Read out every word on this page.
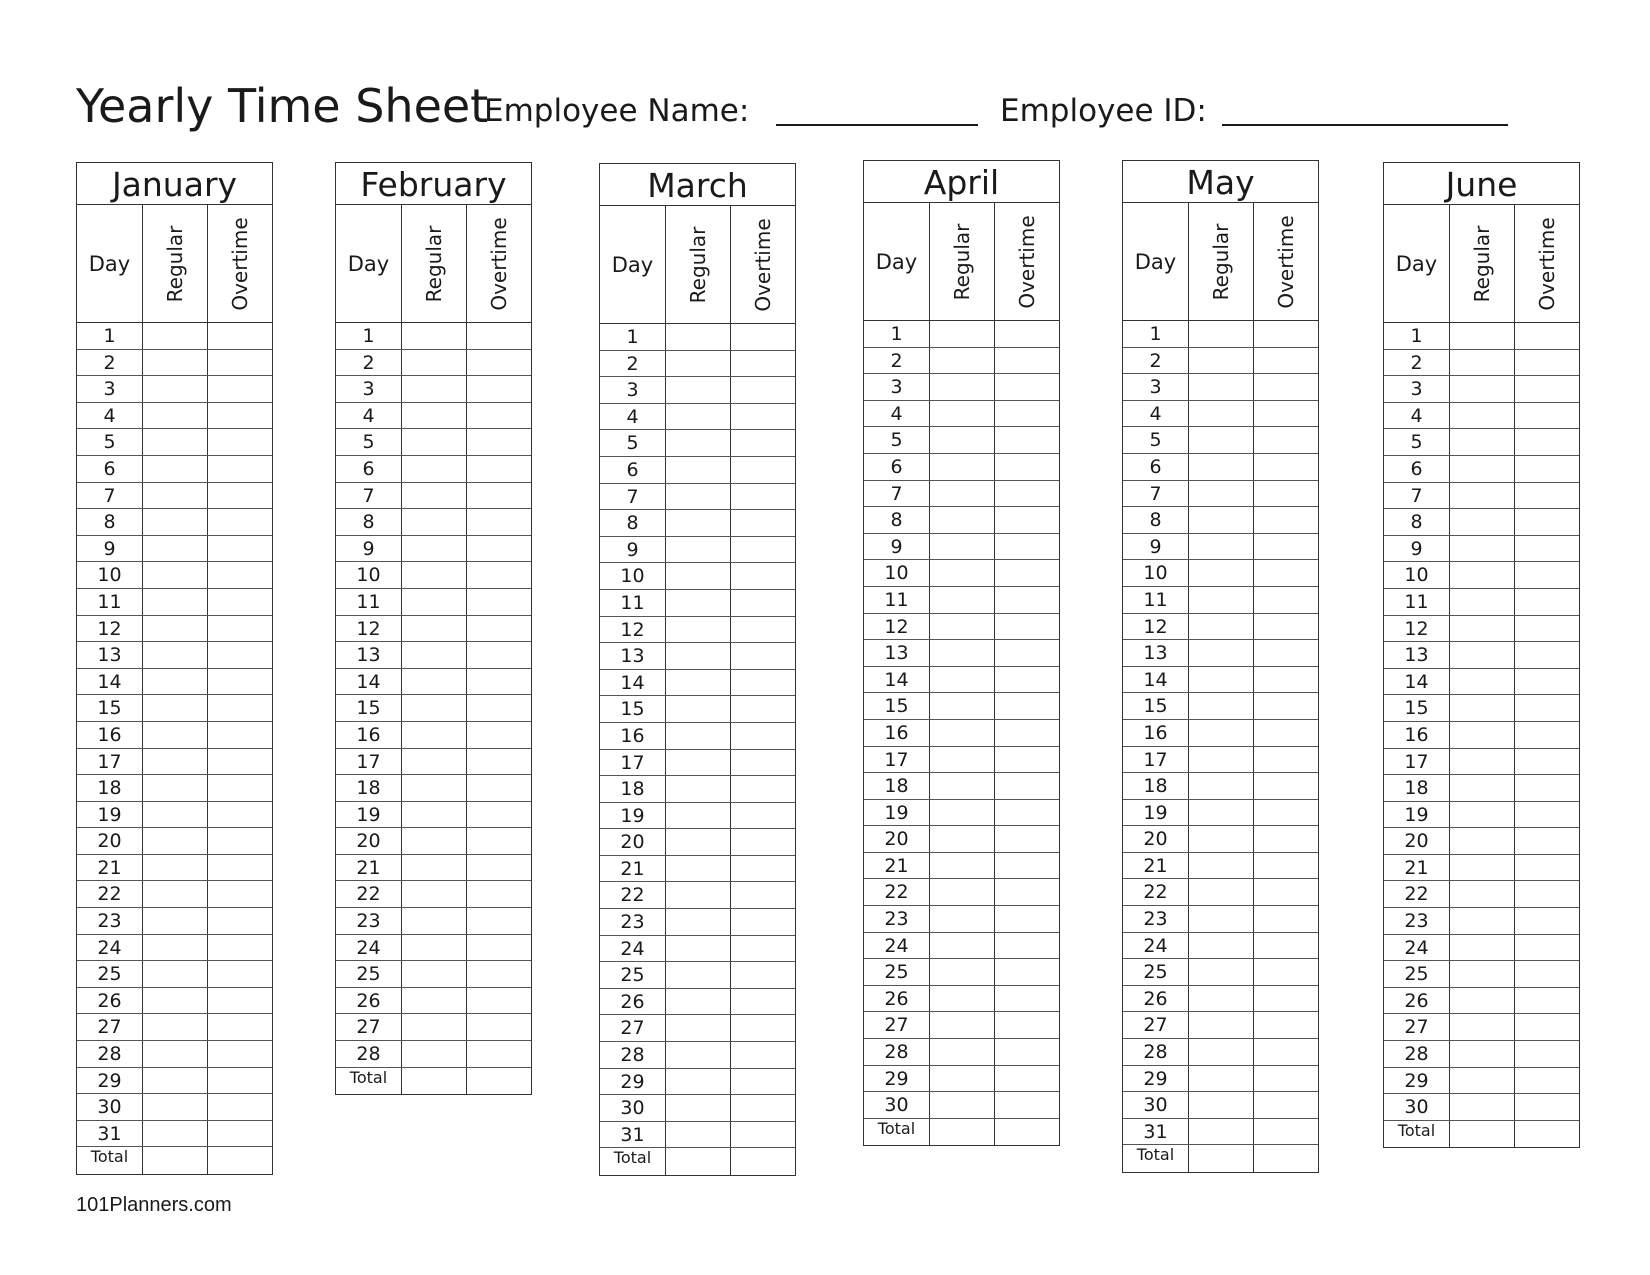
Yearly Time Sheet
Employee Name:	Employee ID:
January
Day	Regular Overtime
1
2
3
4
5
6
7
8
9
10
11
12
13
14
15
16
17
18
19
20
21
22
23
24
25
26
27
28
29
30
31
Total
February
Day	Regular Overtime
1
2
3
4
5
6
7
8
9
10
11
12
13
14
15
16
17
18
19
20
21
22
23
24
25
26
27
28
Total
March
Day	Regular Overtime
1
2
3
4
5
6
7
8
9
10
11
12
13
14
15
16
17
18
19
20
21
22
23
24
25
26
27
28
29
30
31
Total
April
Day	Regular Overtime
1
2
3
4
5
6
7
8
9
10
11
12
13
14
15
16
17
18
19
20
21
22
23
24
25
26
27
28
29
30
Total
May
Day	Regular Overtime
1
2
3
4
5
6
7
8
9
10
11
12
13
14
15
16
17
18
19
20
21
22
23
24
25
26
27
28
29
30
31
Total
June
Day	Regular Overtime
1
2
3
4
5
6
7
8
9
10
11
12
13
14
15
16
17
18
19
20
21
22
23
24
25
26
27
28
29
30
Total
101Planners.com
